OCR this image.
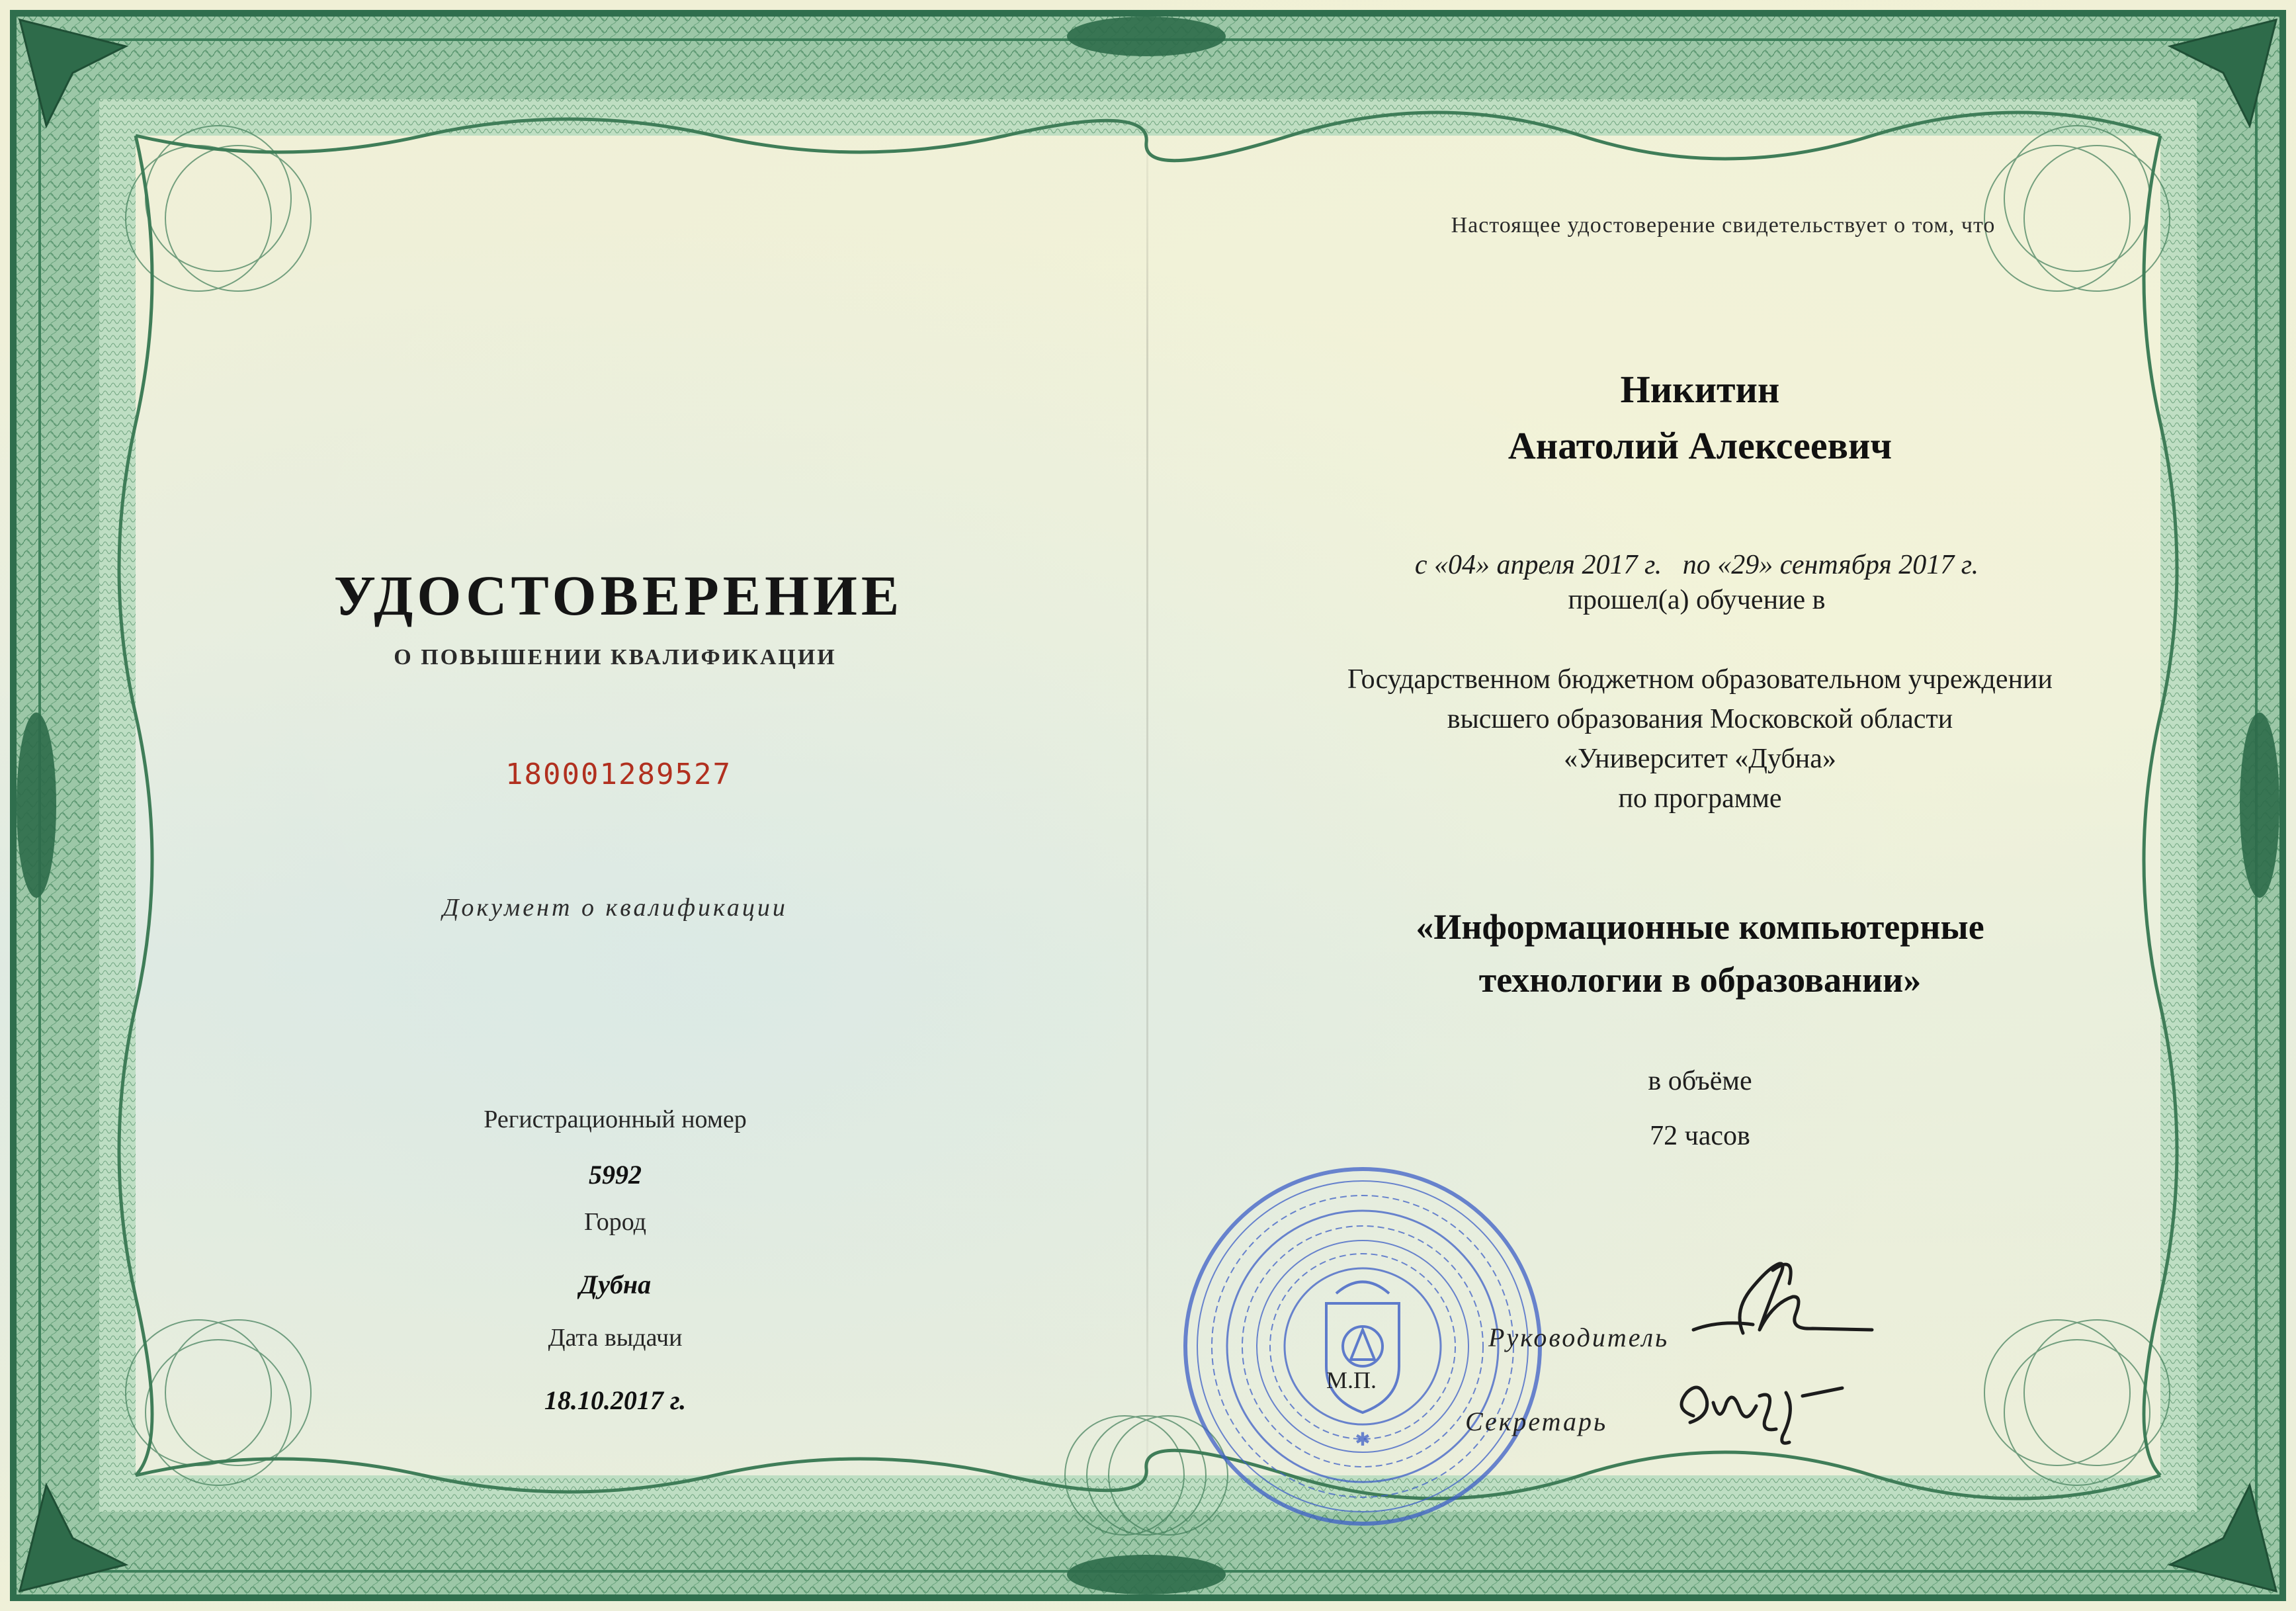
УДОСТОВЕРЕНИЕ
О ПОВЫШЕНИИ КВАЛИФИКАЦИИ
180001289527
Документ о квалификации
Регистрационный номер
5992
Город
Дубна
Дата выдачи
18.10.2017 г.
Настоящее удостоверение свидетельствует о том, что
Никитин
Анатолий Алексеевич
с «04» апреля 2017 г.   по «29» сентября 2017 г.
прошел(а) обучение в
Государственном бюджетном образовательном учреждении
высшего образования Московской области
«Университет «Дубна»
по программе
«Информационные компьютерные
технологии в образовании»
в объёме
72 часов
✱
М.П.
Руководитель
Секретарь
